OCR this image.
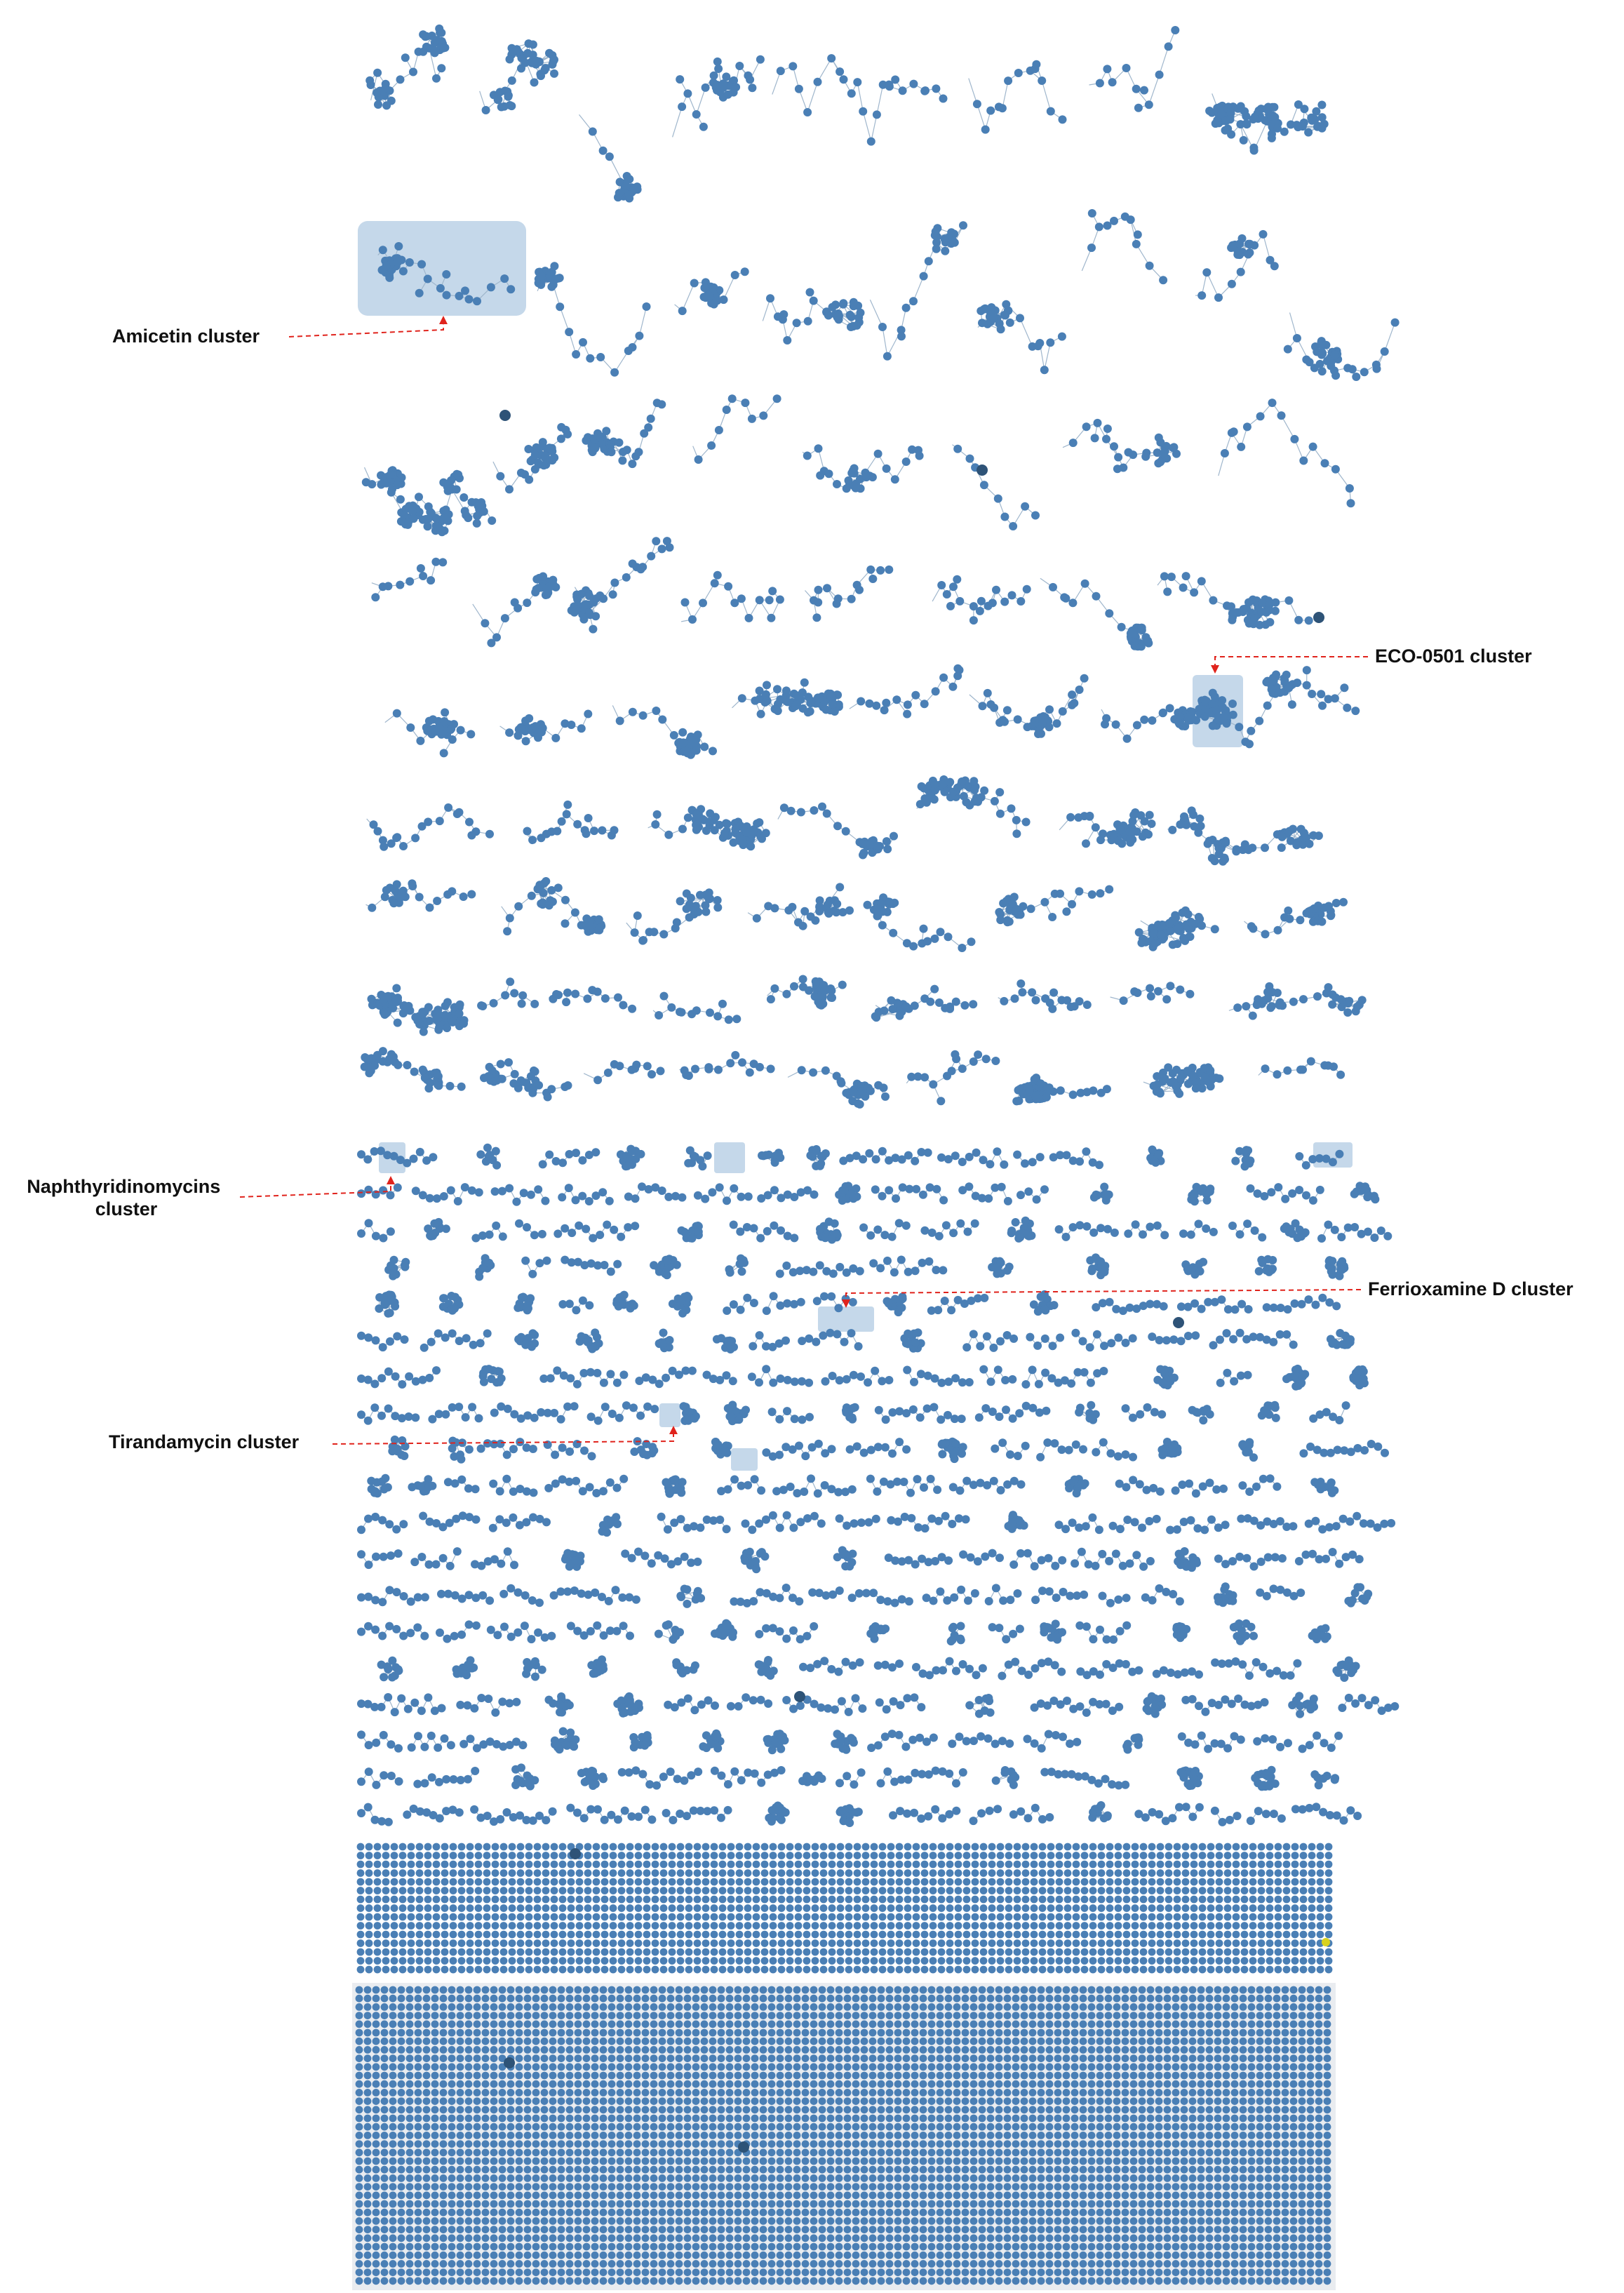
Amicetin cluster
ECO-0501 cluster
Naphthyridinomycins cluster
Ferrioxamine D cluster
Tirandamycin cluster
